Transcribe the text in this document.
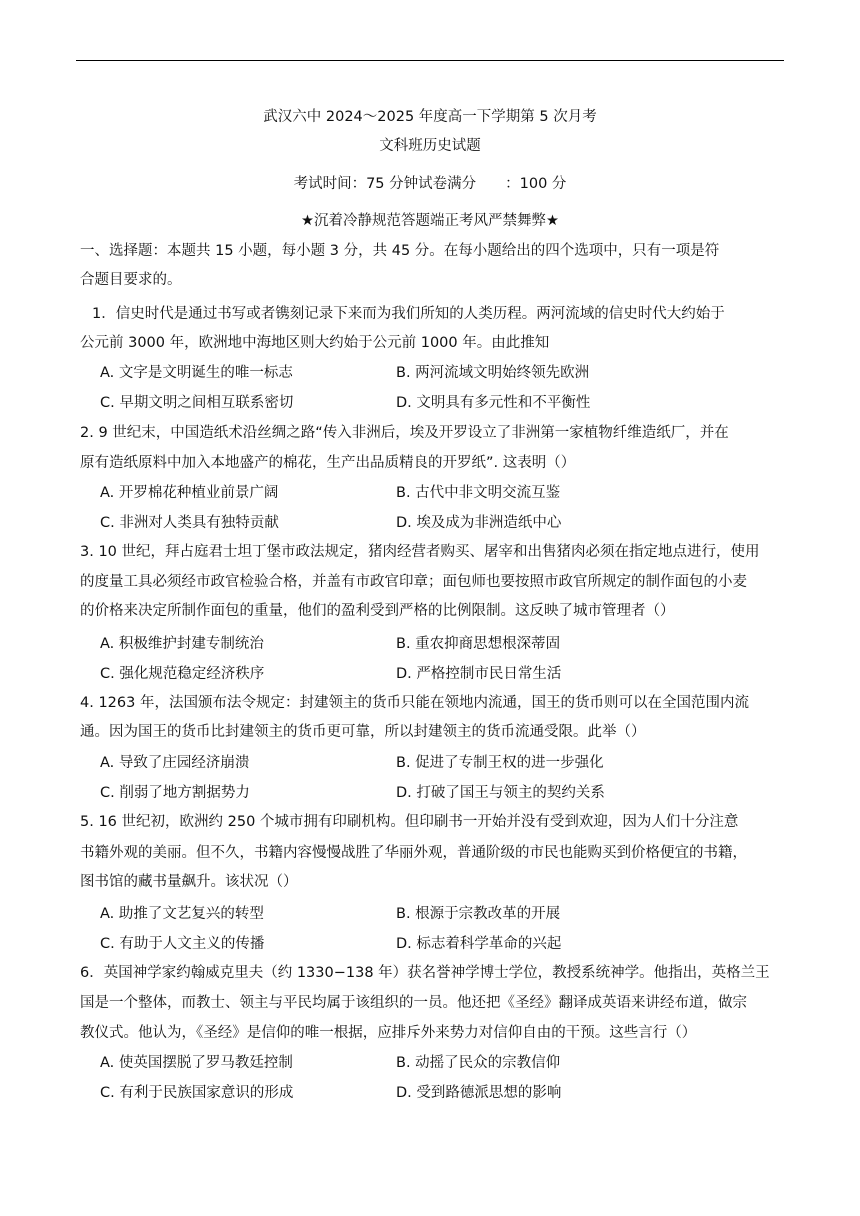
武汉六中 2024～2025 年度高一下学期第 5 次月考
文科班历史试题
考试时间：75 分钟试卷满分　　：100 分
★沉着冷静规范答题端正考风严禁舞弊★
一、选择题：本题共 15 小题，每小题 3 分，共 45 分。在每小题给出的四个选项中，只有一项是符
合题目要求的。
1．信史时代是通过书写或者镌刻记录下来而为我们所知的人类历程。两河流域的信史时代大约始于
公元前 3000 年，欧洲地中海地区则大约始于公元前 1000 年。由此推知
A. 文字是文明诞生的唯一标志	B. 两河流域文明始终领先欧洲
C. 早期文明之间相互联系密切	D. 文明具有多元性和不平衡性
2. 9 世纪末，中国造纸术沿丝绸之路“传入非洲后，埃及开罗设立了非洲第一家植物纤维造纸厂，并在
原有造纸原料中加入本地盛产的棉花，生产出品质精良的开罗纸”. 这表明（）
A. 开罗棉花种植业前景广阔	B. 古代中非文明交流互鉴
C. 非洲对人类具有独特贡献	D. 埃及成为非洲造纸中心
3. 10 世纪，拜占庭君士坦丁堡市政法规定，猪肉经营者购买、屠宰和出售猪肉必须在指定地点进行，使用
的度量工具必须经市政官检验合格，并盖有市政官印章；面包师也要按照市政官所规定的制作面包的小麦
的价格来决定所制作面包的重量，他们的盈利受到严格的比例限制。这反映了城市管理者（）
A. 积极维护封建专制统治	B. 重农抑商思想根深蒂固
C. 强化规范稳定经济秩序	D. 严格控制市民日常生活
4. 1263 年，法国颁布法令规定：封建领主的货币只能在领地内流通，国王的货币则可以在全国范围内流
通。因为国王的货币比封建领主的货币更可靠，所以封建领主的货币流通受限。此举（）
A. 导致了庄园经济崩溃	B. 促进了专制王权的进一步强化
C. 削弱了地方割据势力	D. 打破了国王与领主的契约关系
5. 16 世纪初，欧洲约 250 个城市拥有印刷机构。但印刷书一开始并没有受到欢迎，因为人们十分注意
书籍外观的美丽。但不久，书籍内容慢慢战胜了华丽外观，普通阶级的市民也能购买到价格便宜的书籍，
图书馆的藏书量飙升。该状况（）
A. 助推了文艺复兴的转型	B. 根源于宗教改革的开展
C. 有助于人文主义的传播	D. 标志着科学革命的兴起
6．英国神学家约翰威克里夫（约 1330−138 年）获名誉神学博士学位，教授系统神学。他指出，英格兰王
国是一个整体，而教士、领主与平民均属于该组织的一员。他还把《圣经》翻译成英语来讲经布道，做宗
教仪式。他认为，《圣经》是信仰的唯一根据，应排斥外来势力对信仰自由的干预。这些言行（）
A. 使英国摆脱了罗马教廷控制	B. 动摇了民众的宗教信仰
C. 有利于民族国家意识的形成	D. 受到路德派思想的影响
